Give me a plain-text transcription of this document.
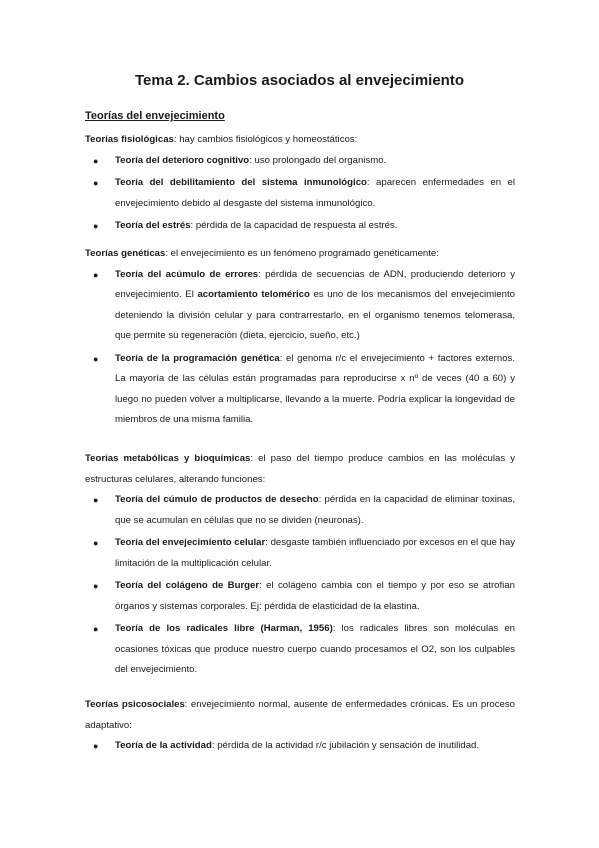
Tema 2. Cambios asociados al envejecimiento
Teorías del envejecimiento

Teorías fisiológicas: hay cambios fisiológicos y homeostáticos:

● Teoría del deterioro cognitivo: uso prolongado del organismo.
● Teoría del debilitamiento del sistema inmunológico: aparecen enfermedades en el envejecimiento debido al desgaste del sistema inmunológico.
● Teoría del estrés: pérdida de la capacidad de respuesta al estrés.

Teorías genéticas: el envejecimiento es un fenómeno programado genéticamente:

● Teoría del acúmulo de errores: pérdida de secuencias de ADN, produciendo deterioro y envejecimiento. El acortamiento telomérico es uno de los mecanismos del envejecimiento deteniendo la división celular y para contrarrestarlo, en el organismo tenemos telomerasa, que permite su regeneración (dieta, ejercicio, sueño, etc.)
● Teoría de la programación genética: el genoma r/c el envejecimiento + factores externos. La mayoría de las células están programadas para reproducirse x nº de veces (40 a 60) y luego no pueden volver a multiplicarse, llevando a la muerte. Podría explicar la longevidad de miembros de una misma familia.

Teorías metabólicas y bioquímicas: el paso del tiempo produce cambios en las moléculas y estructuras celulares, alterando funciones:

● Teoría del cúmulo de productos de desecho: pérdida en la capacidad de eliminar toxinas, que se acumulan en células que no se dividen (neuronas).
● Teoría del envejecimiento celular: desgaste también influenciado por excesos en el que hay limitación de la multiplicación celular.
● Teoría del colágeno de Burger: el colágeno cambia con el tiempo y por eso se atrofian órganos y sistemas corporales. Ej: pérdida de elasticidad de la elastina.
● Teoría de los radicales libre (Harman, 1956): los radicales libres son moléculas en ocasiones tóxicas que produce nuestro cuerpo cuando procesamos el O2, son los culpables del envejecimiento.

Teorías psicosociales: envejecimiento normal, ausente de enfermedades crónicas. Es un proceso adaptativo:

● Teoría de la actividad: pérdida de la actividad r/c jubilación y sensación de inutilidad.
